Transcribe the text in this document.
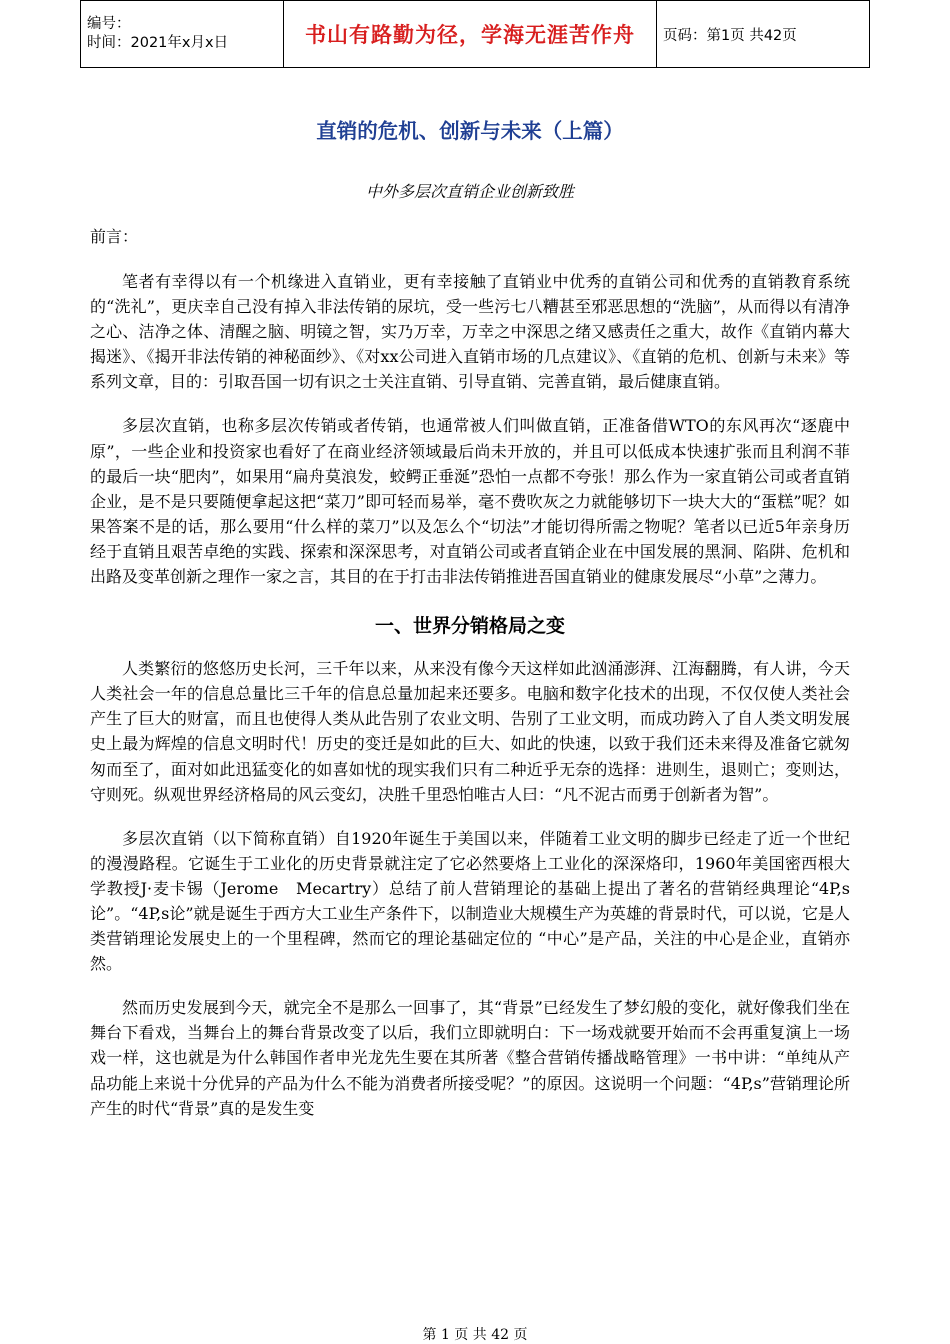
编号：
时间：2021年x月x日	书山有路勤为径，学海无涯苦作舟	页码：第1页 共42页
直销的危机、创新与未来（上篇）
中外多层次直销企业创新致胜
前言：

笔者有幸得以有一个机缘进入直销业，更有幸接触了直销业中优秀的直销公司和优秀的直销教育系统的“洗礼”，更庆幸自己没有掉入非法传销的尿坑，受一些污七八糟甚至邪恶思想的“洗脑”，从而得以有清净之心、洁净之体、清醒之脑、明镜之智，实乃万幸，万幸之中深思之绪又感责任之重大，故作《直销内幕大揭迷》、《揭开非法传销的神秘面纱》、《对xx公司进入直销市场的几点建议》、《直销的危机、创新与未来》等系列文章，目的：引取吾国一切有识之士关注直销、引导直销、完善直销，最后健康直销。

多层次直销，也称多层次传销或者传销，也通常被人们叫做直销，正准备借WTO的东风再次“逐鹿中原”，一些企业和投资家也看好了在商业经济领域最后尚未开放的，并且可以低成本快速扩张而且利润不菲的最后一块“肥肉”，如果用“扁舟莫浪发，蛟鳄正垂涎”恐怕一点都不夸张！那么作为一家直销公司或者直销企业，是不是只要随便拿起这把“菜刀”即可轻而易举，毫不费吹灰之力就能够切下一块大大的“蛋糕”呢？如果答案不是的话，那么要用“什么样的菜刀”以及怎么个“切法”才能切得所需之物呢？笔者以已近5年亲身历经于直销且艰苦卓绝的实践、探索和深深思考，对直销公司或者直销企业在中国发展的黑洞、陷阱、危机和出路及变革创新之理作一家之言，其目的在于打击非法传销推进吾国直销业的健康发展尽“小草”之薄力。

一、世界分销格局之变

人类繁衍的悠悠历史长河，三千年以来，从来没有像今天这样如此汹涌澎湃、江海翻腾，有人讲，今天人类社会一年的信息总量比三千年的信息总量加起来还要多。电脑和数字化技术的出现，不仅仅使人类社会产生了巨大的财富，而且也使得人类从此告别了农业文明、告别了工业文明，而成功跨入了自人类文明发展史上最为辉煌的信息文明时代！历史的变迁是如此的巨大、如此的快速，以致于我们还未来得及准备它就匆匆而至了，面对如此迅猛变化的如喜如忧的现实我们只有二种近乎无奈的选择：进则生，退则亡；变则达，守则死。纵观世界经济格局的风云变幻，决胜千里恐怕唯古人曰：“凡不泥古而勇于创新者为智”。

多层次直销（以下简称直销）自1920年诞生于美国以来，伴随着工业文明的脚步已经走了近一个世纪的漫漫路程。它诞生于工业化的历史背景就注定了它必然要烙上工业化的深深烙印，1960年美国密西根大学教授J·麦卡锡（Jerome　Mecartry）总结了前人营销理论的基础上提出了著名的营销经典理论“4P,s论”。“4P,s论”就是诞生于西方大工业生产条件下，以制造业大规模生产为英雄的背景时代，可以说，它是人类营销理论发展史上的一个里程碑，然而它的理论基础定位的 “中心”是产品，关注的中心是企业，直销亦然。

然而历史发展到今天，就完全不是那么一回事了，其“背景”已经发生了梦幻般的变化，就好像我们坐在舞台下看戏，当舞台上的舞台背景改变了以后，我们立即就明白：下一场戏就要开始而不会再重复演上一场戏一样，这也就是为什么韩国作者申光龙先生要在其所著《整合营销传播战略管理》一书中讲：“单纯从产品功能上来说十分优异的产品为什么不能为消费者所接受呢？”的原因。这说明一个问题：“4P,s”营销理论所产生的时代“背景”真的是发生变

第 1 页 共 42 页
